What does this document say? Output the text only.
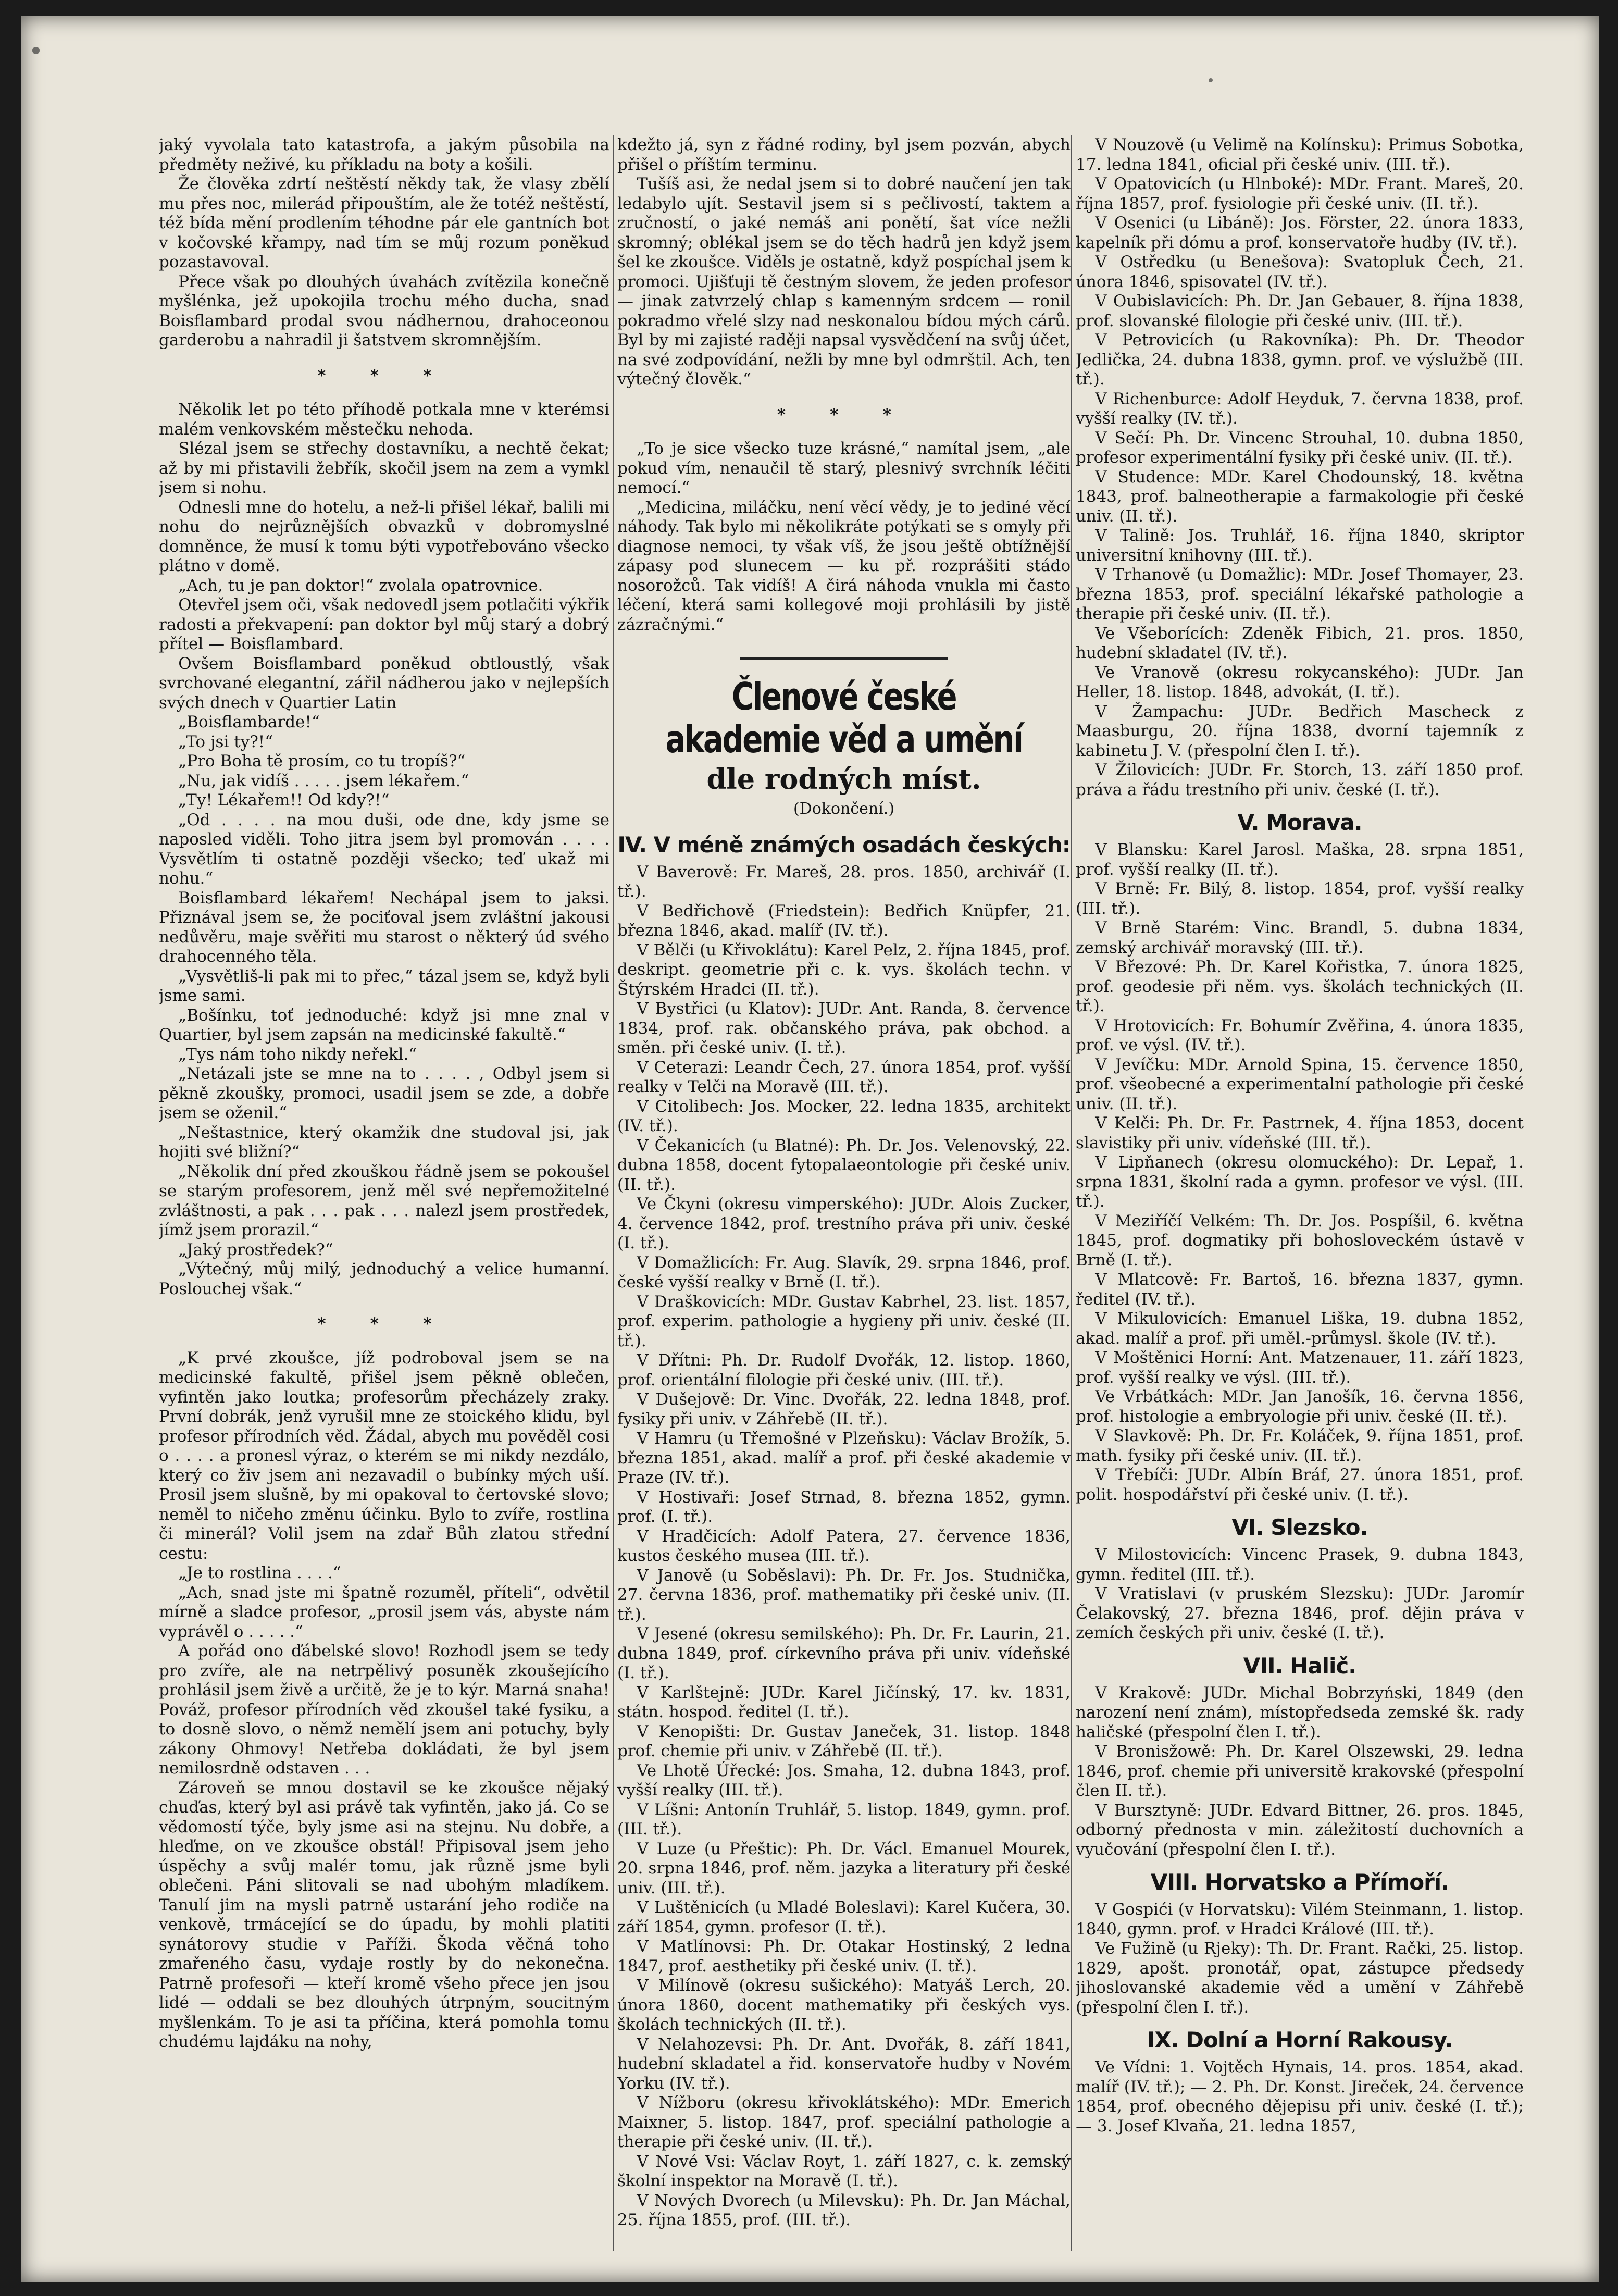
jaký vyvolala tato katastrofa, a jakým působila na předměty neživé, ku příkladu na boty a košili.

Že člověka zdrtí neštěstí někdy tak, že vlasy zbělí mu přes noc, milerád připouštím, ale že totéž neštěstí, též bída mění prodlením téhodne pár ele gantních bot v kočovské křampy, nad tím se můj rozum poněkud pozastavoval.

Přece však po dlouhých úvahách zvítězila konečně myšlénka, jež upokojila trochu mého ducha, snad Boisflambard prodal svou nádhernou, drahoceonou garderobu a nahradil ji šatstvem skromnějším.

* * *

Několik let po této příhodě potkala mne v kterémsi malém venkovském městečku nehoda.

Slézal jsem se střechy dostavníku, a nechtě čekat; až by mi přistavili žebřík, skočil jsem na zem a vymkl jsem si nohu.

Odnesli mne do hotelu, a než-li přišel lékař, balili mi nohu do nejrůznějších obvazků v dobromyslné domněnce, že musí k tomu býti vypotřebováno všecko plátno v domě.

„Ach, tu je pan doktor!“ zvolala opatrovnice.

Otevřel jsem oči, však nedovedl jsem potlačiti výkřik radosti a překvapení: pan doktor byl můj starý a dobrý přítel — Boisflambard.

Ovšem Boisflambard poněkud obtloustlý, však svrchované elegantní, zářil nádherou jako v nejlepších svých dnech v Quartier Latin

„Boisflambarde!“

„To jsi ty?!“

„Pro Boha tě prosím, co tu tropíš?“

„Nu, jak vidíš . . . . . jsem lékařem.“

„Ty! Lékařem!! Od kdy?!“

„Od . . . . na mou duši, ode dne, kdy jsme se naposled viděli. Toho jitra jsem byl promován . . . . Vysvětlím ti ostatně později všecko; teď ukaž mi nohu.“

Boisflambard lékařem! Nechápal jsem to jaksi. Přiznával jsem se, že pociťoval jsem zvláštní jakousi nedůvěru, maje svěřiti mu starost o některý úd svého drahocenného těla.

„Vysvětliš-li pak mi to přec,“ tázal jsem se, když byli jsme sami.

„Bošínku, toť jednoduché: když jsi mne znal v Quartier, byl jsem zapsán na medicinské fakultě.“

„Tys nám toho nikdy neřekl.“

„Netázali jste se mne na to . . . . , Odbyl jsem si pěkně zkoušky, promoci, usadil jsem se zde, a dobře jsem se oženil.“

„Neštastnice, který okamžik dne studoval jsi, jak hojiti své bližní?“

„Několik dní před zkouškou řádně jsem se pokoušel se starým profesorem, jenž měl své nepřemožitelné zvláštnosti, a pak . . . pak . . . nalezl jsem prostředek, jímž jsem prorazil.“

„Jaký prostředek?“

„Výtečný, můj milý, jednoduchý a velice humanní. Poslouchej však.“

* * *

„K prvé zkoušce, jíž podroboval jsem se na medicinské fakultě, přišel jsem pěkně oblečen, vyfintěn jako loutka; profesorům přecházely zraky. První dobrák, jenž vyrušil mne ze stoického klidu, byl profesor přírodních věd. Žádal, abych mu pověděl cosi o . . . . a pronesl výraz, o kterém se mi nikdy nezdálo, který co živ jsem ani nezavadil o bubínky mých uší. Prosil jsem slušně, by mi opakoval to čertovské slovo; neměl to ničeho změnu účinku. Bylo to zvíře, rostlina či minerál? Volil jsem na zdař Bůh zlatou střední cestu:

„Je to rostlina . . . .“

„Ach, snad jste mi špatně rozuměl, příteli“, odvětil mírně a sladce profesor, „prosil jsem vás, abyste nám vyprávěl o . . . . .“

A pořád ono ďábelské slovo! Rozhodl jsem se tedy pro zvíře, ale na netrpělivý posuněk zkoušejícího prohlásil jsem živě a určitě, že je to kýr. Marná snaha! Pováž, profesor přírodních věd zkoušel také fysiku, a to dosně slovo, o němž nemělí jsem ani potuchy, byly zákony Ohmovy! Netřeba dokládati, že byl jsem nemilosrdně odstaven . . .

Zároveň se mnou dostavil se ke zkoušce nějaký chuďas, který byl asi právě tak vyfintěn, jako já. Co se vědomostí týče, byly jsme asi na stejnu. Nu dobře, a hleďme, on ve zkoušce obstál! Připisoval jsem jeho úspěchy a svůj malér tomu, jak různě jsme byli oblečeni. Páni slitovali se nad ubohým mladíkem. Tanulí jim na mysli patrně ustarání jeho rodiče na venkově, trmácející se do úpadu, by mohli platiti synátorovy studie v Paříži. Škoda věčná toho zmařeného času, vydaje rostly by do nekonečna. Patrně profesoři — kteří kromě všeho přece jen jsou lidé — oddali se bez dlouhých útrpným, soucitným myšlenkám. To je asi ta příčina, která pomohla tomu chudému lajdáku na nohy,

kdežto já, syn z řádné rodiny, byl jsem pozván, abych přišel o příštím terminu.

Tušíš asi, že nedal jsem si to dobré naučení jen tak ledabylo ujít. Sestavil jsem si s pečlivostí, taktem a zručností, o jaké nemáš ani ponětí, šat více nežli skromný; oblékal jsem se do těch hadrů jen když jsem šel ke zkoušce. Viděls je ostatně, když pospíchal jsem k promoci. Ujišťuji tě čestným slovem, že jeden profesor — jinak zatvrzelý chlap s kamenným srdcem — ronil pokradmo vřelé slzy nad neskonalou bídou mých cárů. Byl by mi zajisté raději napsal vysvědčení na svůj účet, na své zodpovídání, nežli by mne byl odmrštil. Ach, ten výtečný člověk.“

* * *

„To je sice všecko tuze krásné,“ namítal jsem, „ale pokud vím, nenaučil tě starý, plesnivý svrchník léčiti nemocí.“

„Medicina, miláčku, není věcí vědy, je to jediné věcí náhody. Tak bylo mi několikráte potýkati se s omyly při diagnose nemoci, ty však víš, že jsou ještě obtížnější zápasy pod slunecem — ku př. rozprášiti stádo nosorožců. Tak vidíš! A čirá náhoda vnukla mi často léčení, která sami kollegové moji prohlásili by jistě zázračnými.“

Členové české akademie věd a umění
dle rodných míst.
(Dokončení.)
IV. V méně známých osadách českých:

V Baverově: Fr. Mareš, 28. pros. 1850, archivář (I. tř.).

V Bedřichově (Friedstein): Bedřich Knüpfer, 21. března 1846, akad. malíř (IV. tř.).

V Bělči (u Křivoklátu): Karel Pelz, 2. října 1845, prof. deskript. geometrie při c. k. vys. školách techn. v Štýrském Hradci (II. tř.).

V Bystřici (u Klatov): JUDr. Ant. Randa, 8. července 1834, prof. rak. občanského práva, pak obchod. a směn. při české univ. (I. tř.).

V Ceterazi: Leandr Čech, 27. února 1854, prof. vyšší realky v Telči na Moravě (III. tř.).

V Citolibech: Jos. Mocker, 22. ledna 1835, architekt (IV. tř.).

V Čekanicích (u Blatné): Ph. Dr. Jos. Velenovský, 22. dubna 1858, docent fytopalaeontologie při české univ. (II. tř.).

Ve Čkyni (okresu vimperského): JUDr. Alois Zucker, 4. července 1842, prof. trestního práva při univ. české (I. tř.).

V Domažlicích: Fr. Aug. Slavík, 29. srpna 1846, prof. české vyšší realky v Brně (I. tř.).

V Draškovicích: MDr. Gustav Kabrhel, 23. list. 1857, prof. experim. pathologie a hygieny při univ. české (II. tř.).

V Dřítni: Ph. Dr. Rudolf Dvořák, 12. listop. 1860, prof. orientální filologie při české univ. (III. tř.).

V Dušejově: Dr. Vinc. Dvořák, 22. ledna 1848, prof. fysiky při univ. v Záhřebě (II. tř.).

V Hamru (u Třemošné v Plzeňsku): Václav Brožík, 5. března 1851, akad. malíř a prof. při české akademie v Praze (IV. tř.).

V Hostivaři: Josef Strnad, 8. března 1852, gymn. prof. (I. tř.).

V Hradčicích: Adolf Patera, 27. července 1836, kustos českého musea (III. tř.).

V Janově (u Soběslavi): Ph. Dr. Fr. Jos. Studnička, 27. června 1836, prof. mathematiky při české univ. (II. tř.).

V Jesené (okresu semilského): Ph. Dr. Fr. Laurin, 21. dubna 1849, prof. církevního práva při univ. vídeňské (I. tř.).

V Karlštejně: JUDr. Karel Jičínský, 17. kv. 1831, státn. hospod. ředitel (I. tř.).

V Kenopišti: Dr. Gustav Janeček, 31. listop. 1848 prof. chemie při univ. v Záhřebě (II. tř.).

Ve Lhotě Úřecké: Jos. Smaha, 12. dubna 1843, prof. vyšší realky (III. tř.).

V Líšni: Antonín Truhlář, 5. listop. 1849, gymn. prof. (III. tř.).

V Luze (u Přeštic): Ph. Dr. Václ. Emanuel Mourek, 20. srpna 1846, prof. něm. jazyka a literatury při české univ. (III. tř.).

V Luštěnicích (u Mladé Boleslavi): Karel Kučera, 30. září 1854, gymn. profesor (I. tř.).

V Matlínovsi: Ph. Dr. Otakar Hostinský, 2 ledna 1847, prof. aesthetiky při české univ. (I. tř.).

V Milínově (okresu sušického): Matyáš Lerch, 20. února 1860, docent mathematiky při českých vys. školách technických (II. tř.).

V Nelahozevsi: Ph. Dr. Ant. Dvořák, 8. září 1841, hudební skladatel a řid. konservatoře hudby v Novém Yorku (IV. tř.).

V Nížboru (okresu křivoklátského): MDr. Emerich Maixner, 5. listop. 1847, prof. speciální pathologie a therapie při české univ. (II. tř.).

V Nové Vsi: Václav Royt, 1. září 1827, c. k. zemský školní inspektor na Moravě (I. tř.).

V Nových Dvorech (u Milevsku): Ph. Dr. Jan Máchal, 25. října 1855, prof. (III. tř.).

V Nouzově (u Velimě na Kolínsku): Primus Sobotka, 17. ledna 1841, oficial při české univ. (III. tř.).

V Opatovicích (u Hlnboké): MDr. Frant. Mareš, 20. října 1857, prof. fysiologie při české univ. (II. tř.).

V Osenici (u Libáně): Jos. Förster, 22. února 1833, kapelník při dómu a prof. konservatoře hudby (IV. tř.).

V Ostředku (u Benešova): Svatopluk Čech, 21. února 1846, spisovatel (IV. tř.).

V Oubislavicích: Ph. Dr. Jan Gebauer, 8. října 1838, prof. slovanské filologie při české univ. (III. tř.).

V Petrovicích (u Rakovníka): Ph. Dr. Theodor Jedlička, 24. dubna 1838, gymn. prof. ve výslužbě (III. tř.).

V Richenburce: Adolf Heyduk, 7. června 1838, prof. vyšší realky (IV. tř.).

V Sečí: Ph. Dr. Vincenc Strouhal, 10. dubna 1850, profesor experimentální fysiky při české univ. (II. tř.).

V Studence: MDr. Karel Chodounský, 18. května 1843, prof. balneotherapie a farmakologie při české univ. (II. tř.).

V Talině: Jos. Truhlář, 16. října 1840, skriptor universitní knihovny (III. tř.).

V Trhanově (u Domažlic): MDr. Josef Thomayer, 23. března 1853, prof. speciální lékařské pathologie a therapie při české univ. (II. tř.).

Ve Všeborících: Zdeněk Fibich, 21. pros. 1850, hudební skladatel (IV. tř.).

Ve Vranově (okresu rokycanského): JUDr. Jan Heller, 18. listop. 1848, advokát, (I. tř.).

V Žampachu: JUDr. Bedřich Mascheck z Maasburgu, 20. října 1838, dvorní tajemník z kabinetu J. V. (přespolní člen I. tř.).

V Žilovicích: JUDr. Fr. Storch, 13. září 1850 prof. práva a řádu trestního při univ. české (I. tř.).

V. Morava.

V Blansku: Karel Jarosl. Maška, 28. srpna 1851, prof. vyšší realky (II. tř.).

V Brně: Fr. Bilý, 8. listop. 1854, prof. vyšší realky (III. tř.).

V Brně Starém: Vinc. Brandl, 5. dubna 1834, zemský archivář moravský (III. tř.).

V Březové: Ph. Dr. Karel Kořistka, 7. února 1825, prof. geodesie při něm. vys. školách technických (II. tř.).

V Hrotovicích: Fr. Bohumír Zvěřina, 4. února 1835, prof. ve výsl. (IV. tř.).

V Jevíčku: MDr. Arnold Spina, 15. července 1850, prof. všeobecné a experimentalní pathologie při české univ. (II. tř.).

V Kelči: Ph. Dr. Fr. Pastrnek, 4. října 1853, docent slavistiky při univ. vídeňské (III. tř.).

V Lipňanech (okresu olomuckého): Dr. Lepař, 1. srpna 1831, školní rada a gymn. profesor ve výsl. (III. tř.).

V Meziříčí Velkém: Th. Dr. Jos. Pospíšil, 6. května 1845, prof. dogmatiky při bohosloveckém ústavě v Brně (I. tř.).

V Mlatcově: Fr. Bartoš, 16. března 1837, gymn. ředitel (IV. tř.).

V Mikulovicích: Emanuel Liška, 19. dubna 1852, akad. malíř a prof. při uměl.-průmysl. škole (IV. tř.).

V Moštěnici Horní: Ant. Matzenauer, 11. září 1823, prof. vyšší realky ve výsl. (III. tř.).

Ve Vrbátkách: MDr. Jan Janošík, 16. června 1856, prof. histologie a embryologie při univ. české (II. tř.).

V Slavkově: Ph. Dr. Fr. Koláček, 9. října 1851, prof. math. fysiky při české univ. (II. tř.).

V Třebíči: JUDr. Albín Bráf, 27. února 1851, prof. polit. hospodářství při české univ. (I. tř.).

VI. Slezsko.

V Milostovicích: Vincenc Prasek, 9. dubna 1843, gymn. ředitel (III. tř.).

V Vratislavi (v pruském Slezsku): JUDr. Jaromír Čelakovský, 27. března 1846, prof. dějin práva v zemích českých při univ. české (I. tř.).

VII. Halič.

V Krakově: JUDr. Michal Bobrzyński, 1849 (den narození není znám), místopředseda zemské šk. rady haličské (přespolní člen I. tř.).

V Bronisžowě: Ph. Dr. Karel Olszewski, 29. ledna 1846, prof. chemie při universitě krakovské (přespolní člen II. tř.).

V Bursztyně: JUDr. Edvard Bittner, 26. pros. 1845, odborný přednosta v min. záležitostí duchovních a vyučování (přespolní člen I. tř.).

VIII. Horvatsko a Přímoří.

V Gospići (v Horvatsku): Vilém Steinmann, 1. listop. 1840, gymn. prof. v Hradci Králové (III. tř.).

Ve Fužině (u Rjeky): Th. Dr. Frant. Rački, 25. listop. 1829, apošt. pronotář, opat, zástupce předsedy jihoslovanské akademie věd a umění v Záhřebě (přespolní člen I. tř.).

IX. Dolní a Horní Rakousy.

Ve Vídni: 1. Vojtěch Hynais, 14. pros. 1854, akad. malíř (IV. tř.); — 2. Ph. Dr. Konst. Jireček, 24. července 1854, prof. obecného dějepisu při univ. české (I. tř.); — 3. Josef Klvaňa, 21. ledna 1857,
